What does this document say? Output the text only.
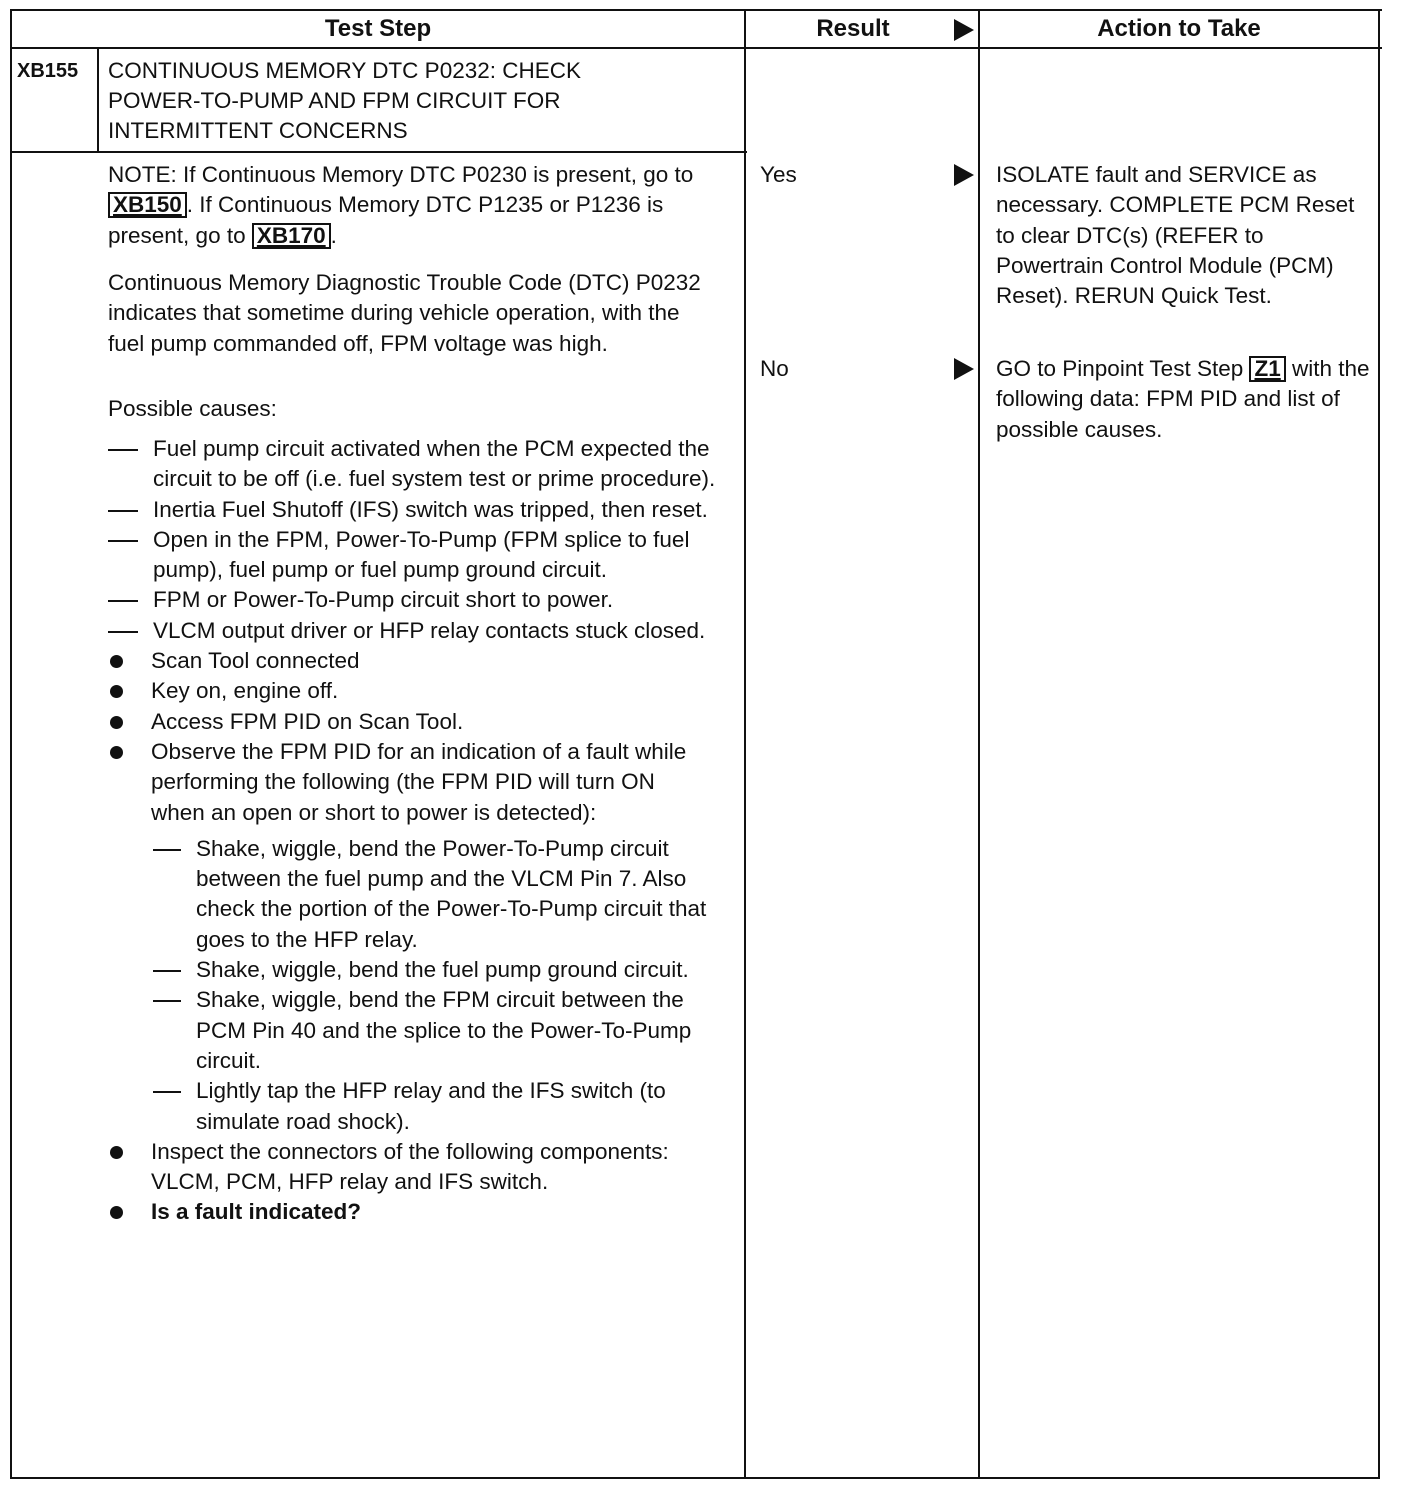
Test Step	Result	Action to Take
XB155 CONTINUOUS MEMORY DTC P0232: CHECK
POWER-TO-PUMP AND FPM CIRCUIT FOR
INTERMITTENT CONCERNS
NOTE: If Continuous Memory DTC P0230 is present, go to XB150 . If Continuous Memory DTC P1235 or P1236 is present, go to XB170 .
Continuous Memory Diagnostic Trouble Code (DTC) P0232 indicates that sometime during vehicle operation, with the fuel pump commanded off, FPM voltage was high.
Possible causes:
Fuel pump circuit activated when the PCM expected the circuit to be off (i.e. fuel system test or prime procedure).
Inertia Fuel Shutoff (IFS) switch was tripped, then reset.
Open in the FPM, Power-To-Pump (FPM splice to fuel pump), fuel pump or fuel pump ground circuit.
FPM or Power-To-Pump circuit short to power.
VLCM output driver or HFP relay contacts stuck closed.
Scan Tool connected
Key on, engine off.
Access FPM PID on Scan Tool.
Observe the FPM PID for an indication of a fault while performing the following (the FPM PID will turn ON when an open or short to power is detected):
Shake, wiggle, bend the Power-To-Pump circuit between the fuel pump and the VLCM Pin 7. Also check the portion of the Power-To-Pump circuit that goes to the HFP relay.
Shake, wiggle, bend the fuel pump ground circuit.
Shake, wiggle, bend the FPM circuit between the PCM Pin 40 and the splice to the Power-To-Pump circuit.
Lightly tap the HFP relay and the IFS switch (to simulate road shock).
Inspect the connectors of the following components: VLCM, PCM, HFP relay and IFS switch.
Is a fault indicated?
Yes
No
ISOLATE fault and SERVICE as necessary. COMPLETE PCM Reset to clear DTC(s) (REFER to Powertrain Control Module (PCM) Reset). RERUN Quick Test.
GO to Pinpoint Test Step Z1 with the following data: FPM PID and list of possible causes.
